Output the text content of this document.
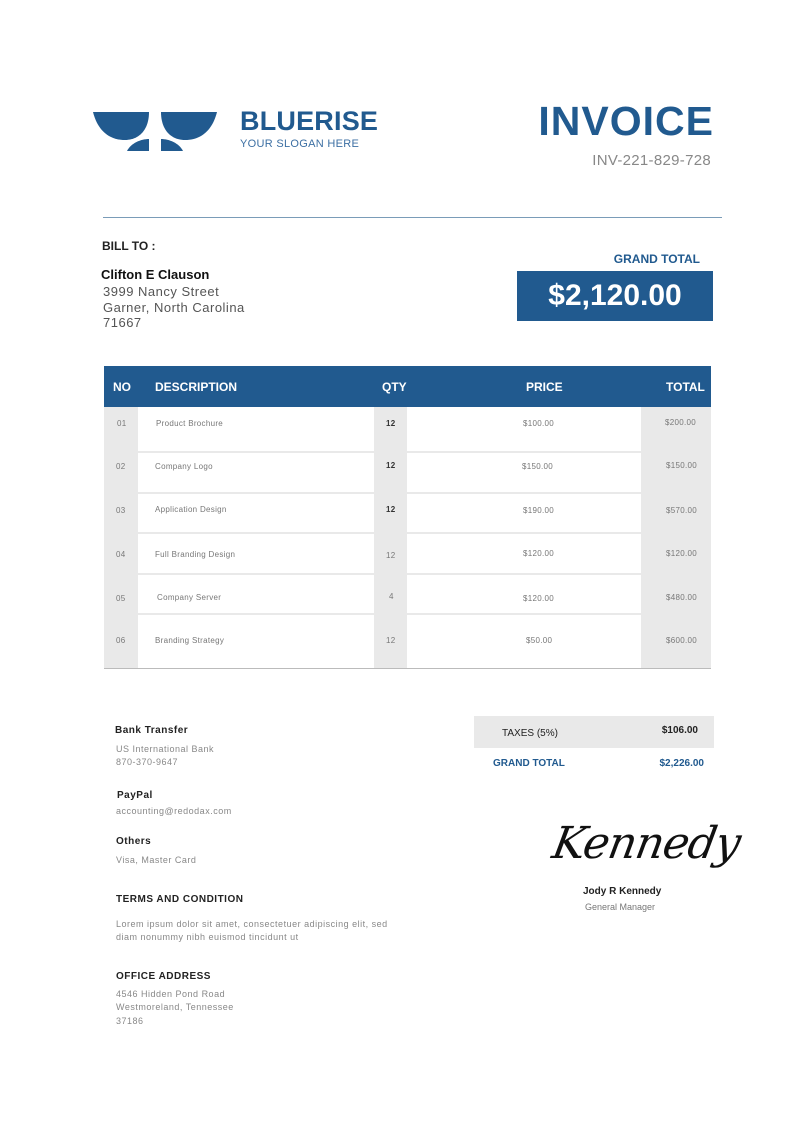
BLUERISE
YOUR SLOGAN HERE	INVOICE
INV-221-829-728
BILL TO :
Clifton E Clauson
3999 Nancy Street
Garner, North Carolina
71667
GRAND TOTAL
$2,120.00
NO DESCRIPTION	QTY	PRICE	TOTAL
01	Product Brochure	12	$100.00	$200.00
02	Company Logo	12	$150.00	$150.00
03	Application Design	12	$190.00	$570.00
04	Full Branding Design	12	$120.00	$120.00
05	Company Server	4	$120.00	$480.00
06	Branding Strategy	12	$50.00	$600.00
Bank Transfer
US International Bank
870-370-9647
PayPal
accounting@redodax.com
Others
Visa, Master Card
TERMS AND CONDITION
Lorem ipsum dolor sit amet, consectetuer adipiscing elit, sed
diam nonummy nibh euismod tincidunt ut
OFFICE ADDRESS
4546 Hidden Pond Road
Westmoreland, Tennessee
37186
TAXES (5%)	$106.00
GRAND TOTAL	$2,226.00
Kennedy
Jody R Kennedy
General Manager
